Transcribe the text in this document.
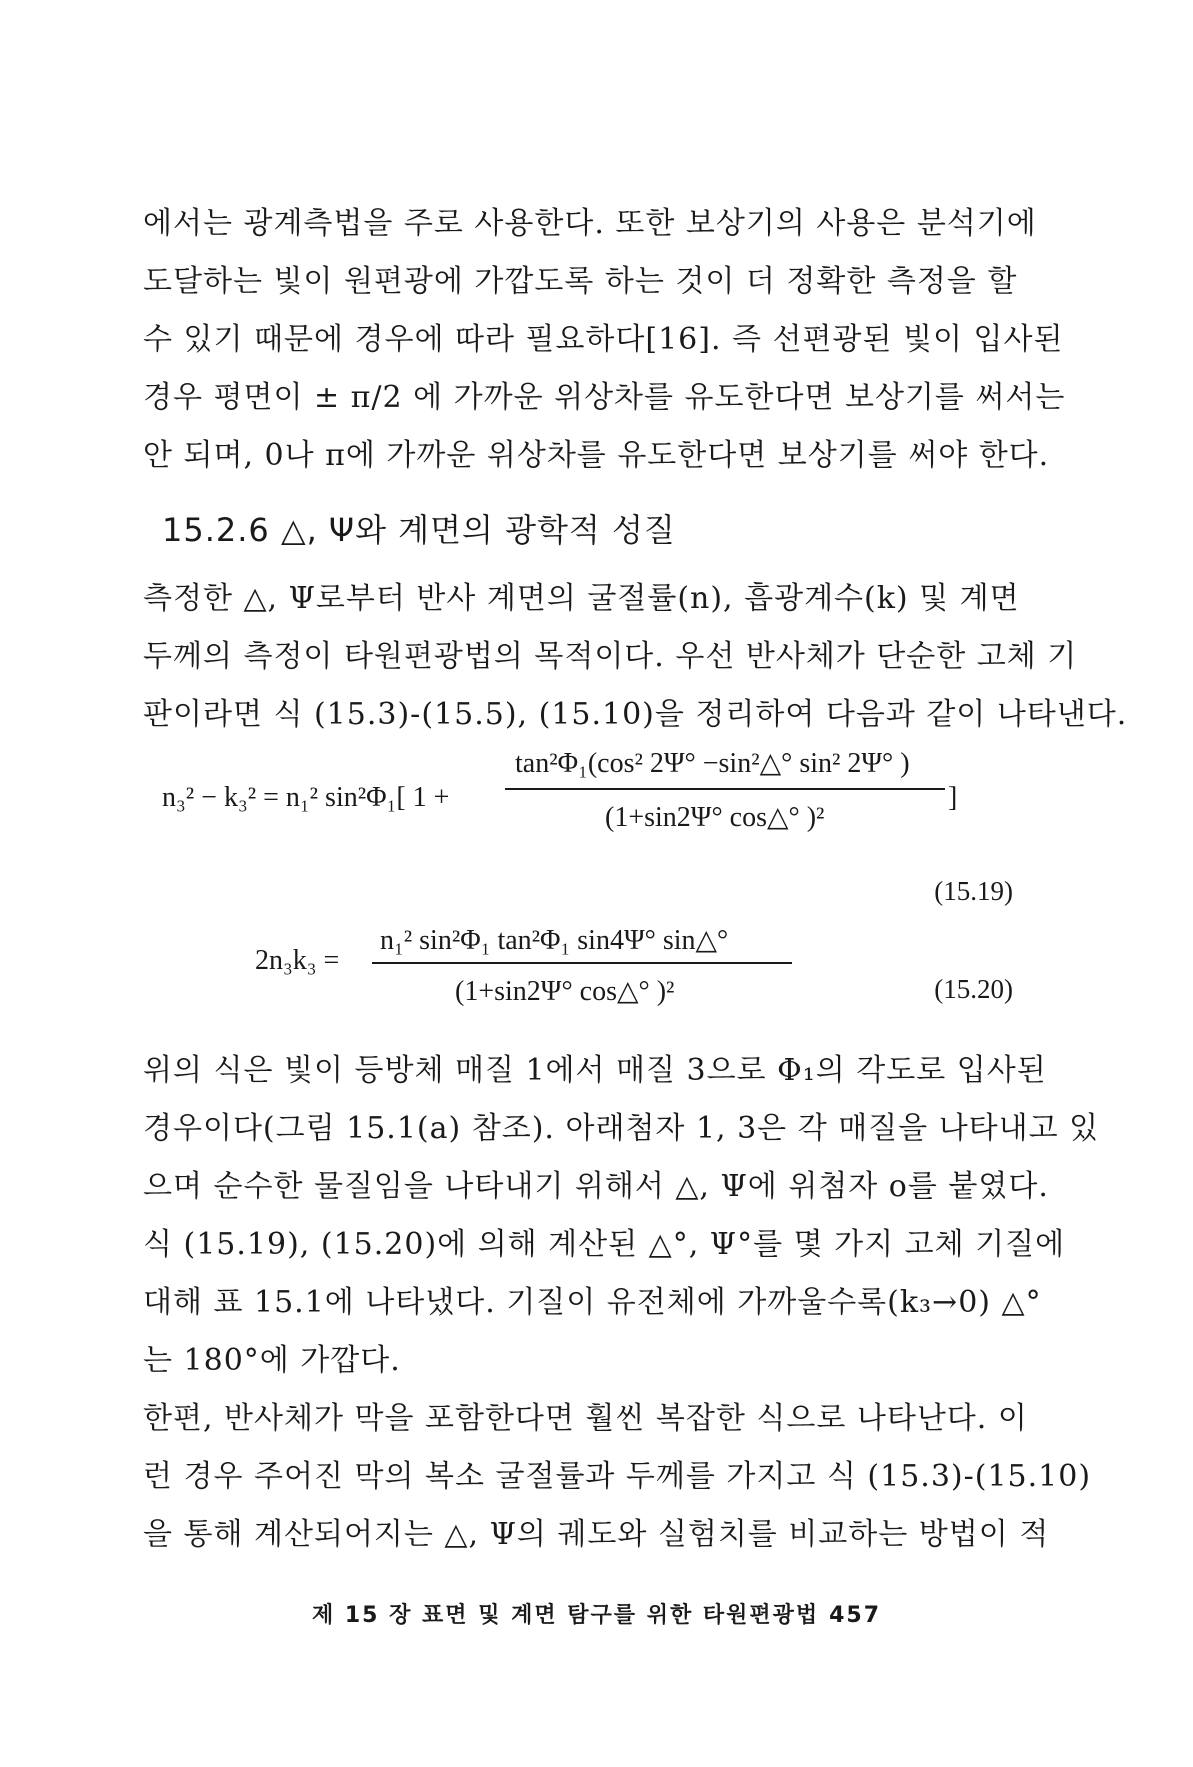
에서는 광계측법을 주로 사용한다. 또한 보상기의 사용은 분석기에
도달하는 빛이 원편광에 가깝도록 하는 것이 더 정확한 측정을 할
수 있기 때문에 경우에 따라 필요하다[16]. 즉 선편광된 빛이 입사된
경우 평면이 ± π/2 에 가까운 위상차를 유도한다면 보상기를 써서는
안 되며, 0나 π에 가까운 위상차를 유도한다면 보상기를 써야 한다.

15.2.6 △, Ψ와 계면의 광학적 성질

측정한 △, Ψ로부터 반사 계면의 굴절률(n), 흡광계수(k) 및 계면
두께의 측정이 타원편광법의 목적이다. 우선 반사체가 단순한 고체 기
판이라면 식 (15.3)-(15.5), (15.10)을 정리하여 다음과 같이 나타낸다.

n₃² − k₃² = n₁² sin²Φ₁[ 1 +
tan²Φ₁(cos² 2Ψ° −sin²△° sin² 2Ψ° )
(1+sin2Ψ° cos△° )²
]
(15.19)
2n₃k₃ =
n₁² sin²Φ₁ tan²Φ₁ sin4Ψ° sin△°
(1+sin2Ψ° cos△° )²	(15.20)

위의 식은 빛이 등방체 매질 1에서 매질 3으로 Φ₁의 각도로 입사된
경우이다(그림 15.1(a) 참조). 아래첨자 1, 3은 각 매질을 나타내고 있
으며 순수한 물질임을 나타내기 위해서 △, Ψ에 위첨자 o를 붙였다.
식 (15.19), (15.20)에 의해 계산된 △°, Ψ°를 몇 가지 고체 기질에
대해 표 15.1에 나타냈다. 기질이 유전체에 가까울수록(k₃→0) △°
는 180°에 가깝다.

한편, 반사체가 막을 포함한다면 훨씬 복잡한 식으로 나타난다. 이
런 경우 주어진 막의 복소 굴절률과 두께를 가지고 식 (15.3)-(15.10)
을 통해 계산되어지는 △, Ψ의 궤도와 실험치를 비교하는 방법이 적

제 15 장 표면 및 계면 탐구를 위한 타원편광법 457
